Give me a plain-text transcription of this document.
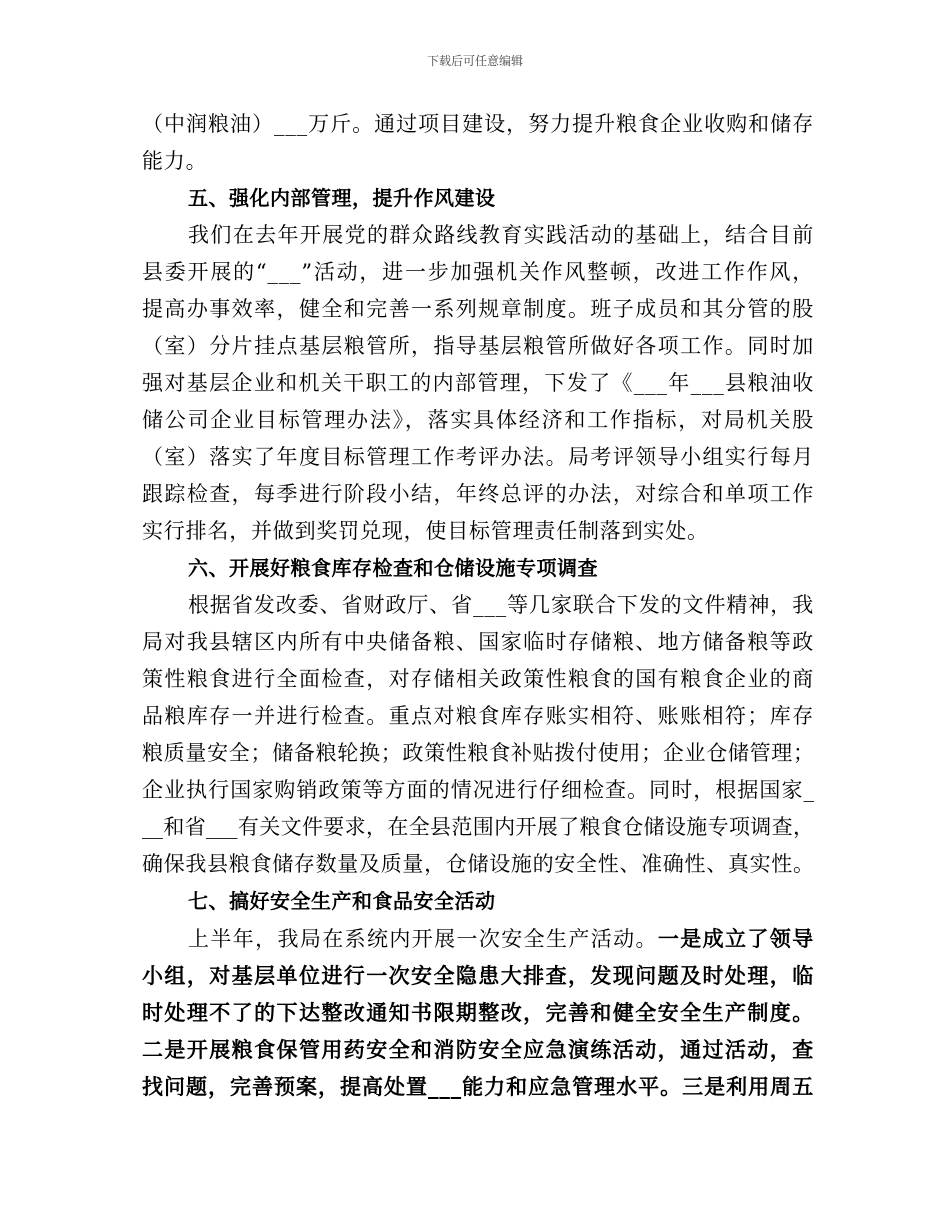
下载后可任意编辑
（中润粮油）___万斤。通过项目建设，努力提升粮食企业收购和储存
能力。
五、强化内部管理，提升作风建设
我们在去年开展党的群众路线教育实践活动的基础上，结合目前
县委开展的“___”活动，进一步加强机关作风整顿，改进工作作风，
提高办事效率，健全和完善一系列规章制度。班子成员和其分管的股
（室）分片挂点基层粮管所，指导基层粮管所做好各项工作。同时加
强对基层企业和机关干职工的内部管理，下发了《___年___县粮油收
储公司企业目标管理办法》，落实具体经济和工作指标，对局机关股
（室）落实了年度目标管理工作考评办法。局考评领导小组实行每月
跟踪检查，每季进行阶段小结，年终总评的办法，对综合和单项工作
实行排名，并做到奖罚兑现，使目标管理责任制落到实处。
六、开展好粮食库存检查和仓储设施专项调查
根据省发改委、省财政厅、省___等几家联合下发的文件精神，我
局对我县辖区内所有中央储备粮、国家临时存储粮、地方储备粮等政
策性粮食进行全面检查，对存储相关政策性粮食的国有粮食企业的商
品粮库存一并进行检查。重点对粮食库存账实相符、账账相符；库存
粮质量安全；储备粮轮换；政策性粮食补贴拨付使用；企业仓储管理；
企业执行国家购销政策等方面的情况进行仔细检查。同时，根据国家_
__和省___有关文件要求，在全县范围内开展了粮食仓储设施专项调查，
确保我县粮食储存数量及质量，仓储设施的安全性、准确性、真实性。
七、搞好安全生产和食品安全活动
上半年，我局在系统内开展一次安全生产活动。一是成立了领导
小组，对基层单位进行一次安全隐患大排查，发现问题及时处理，临
时处理不了的下达整改通知书限期整改，完善和健全安全生产制度。
二是开展粮食保管用药安全和消防安全应急演练活动，通过活动，查
找问题，完善预案，提高处置___能力和应急管理水平。三是利用周五
